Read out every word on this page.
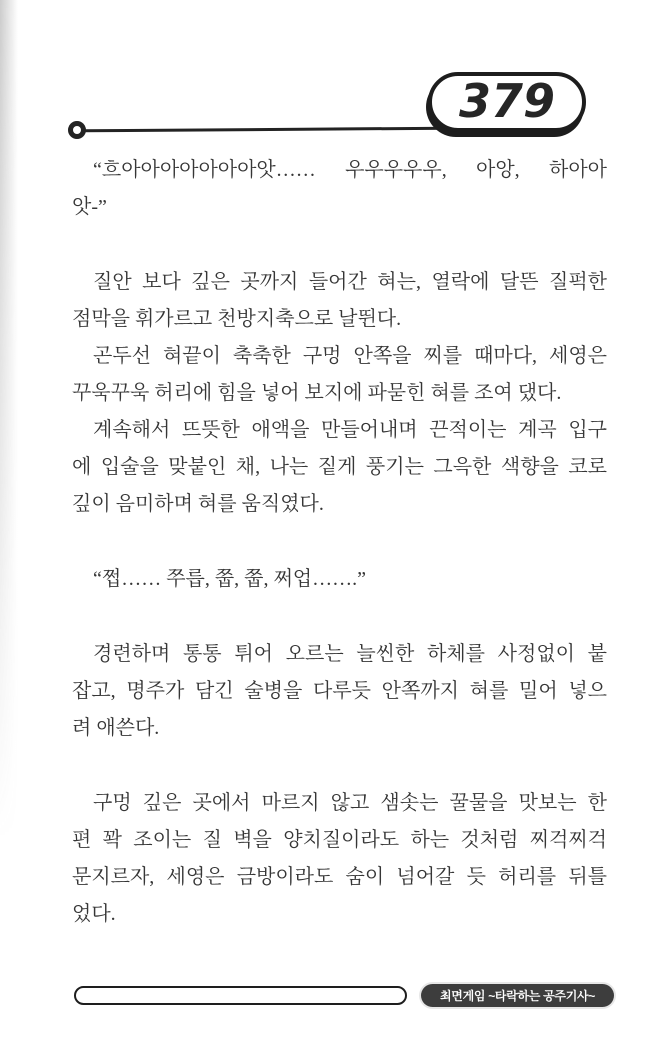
379
“흐아아아아아아아앗…… 우우우우우, 아앙, 하아아
앗-”
질안 보다 깊은 곳까지 들어간 혀는, 열락에 달뜬 질퍽한
점막을 휘가르고 천방지축으로 날뛴다.
곤두선 혀끝이 축축한 구멍 안쪽을 찌를 때마다, 세영은
꾸욱꾸욱 허리에 힘을 넣어 보지에 파묻힌 혀를 조여 댔다.
계속해서 뜨뜻한 애액을 만들어내며 끈적이는 계곡 입구
에 입술을 맞붙인 채, 나는 짙게 풍기는 그윽한 색향을 코로
깊이 음미하며 혀를 움직였다.
“쩝…… 쭈릅, 쭙, 쭙, 쩌업…….”
경련하며 통통 튀어 오르는 늘씬한 하체를 사정없이 붙
잡고, 명주가 담긴 술병을 다루듯 안쪽까지 혀를 밀어 넣으
려 애쓴다.
구멍 깊은 곳에서 마르지 않고 샘솟는 꿀물을 맛보는 한
편 꽉 조이는 질 벽을 양치질이라도 하는 것처럼 찌걱찌걱
문지르자, 세영은 금방이라도 숨이 넘어갈 듯 허리를 뒤틀
었다.
최면게임 ~타락하는 공주기사~
